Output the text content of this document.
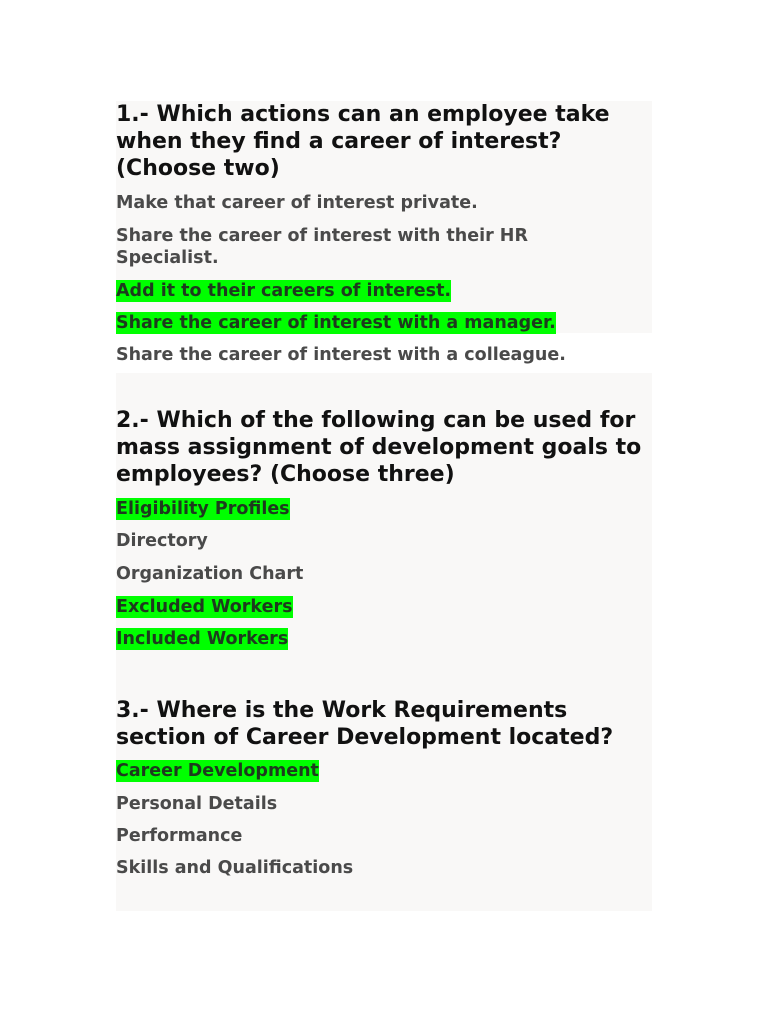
1.- Which actions can an employee take when they find a career of interest? (Choose two)

Make that career of interest private.

Share the career of interest with their HR Specialist.

Add it to their careers of interest.

Share the career of interest with a manager.

Share the career of interest with a colleague.

2.- Which of the following can be used for mass assignment of development goals to employees? (Choose three)

Eligibility Profiles

Directory

Organization Chart

Excluded Workers

Included Workers

3.- Where is the Work Requirements section of Career Development located?

Career Development

Personal Details

Performance

Skills and Qualifications
